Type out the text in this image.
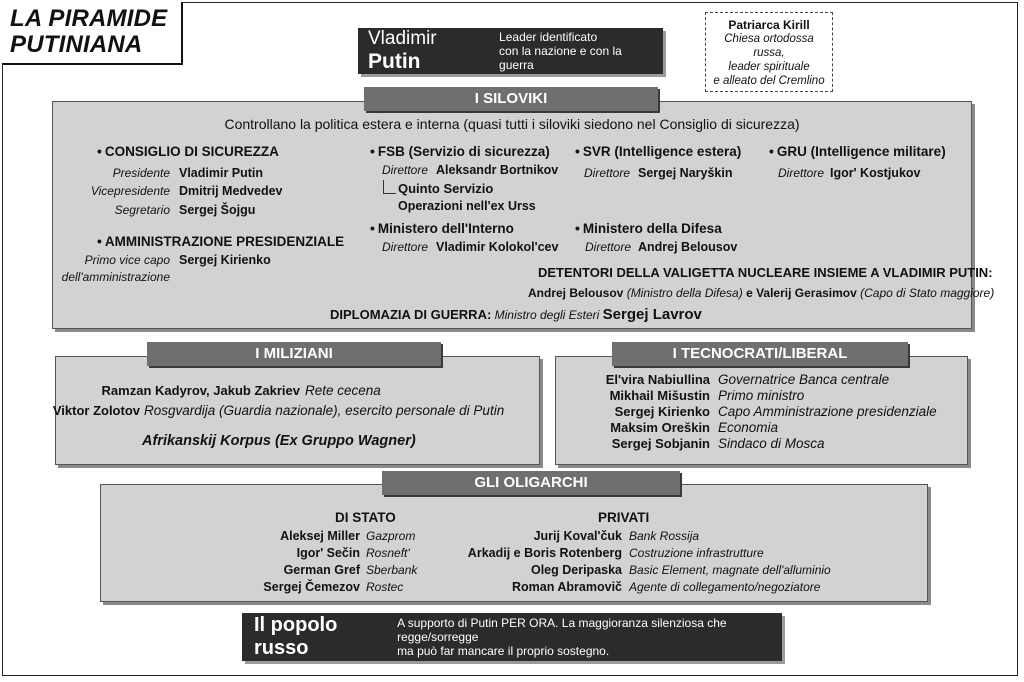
LA PIRAMIDE
PUTINIANA	Vladimir Putin
Leader identificato
con la nazione e con la guerra
Patriarca Kirill
Chiesa ortodossa russa,
leader spirituale
e alleato del Cremlino
I SILOVIKI
Controllano la politica estera e interna (quasi tutti i siloviki siedono nel Consiglio di sicurezza)
• CONSIGLIO DI SICUREZZA
Presidente Vladimir Putin
Vicepresidente Dmitrij Medvedev
Segretario Sergej Šojgu
• AMMINISTRAZIONE PRESIDENZIALE
Primo vice capo
dell'amministrazione
Sergej Kirienko
• FSB (Servizio di sicurezza)
Direttore Aleksandr Bortnikov
Quinto Servizio
Operazioni nell'ex Urss
• SVR (Intelligence estera)
Direttore Sergej Naryškin
• GRU (Intelligence militare)
Direttore Igor' Kostjukov
• Ministero dell'Interno
Direttore Vladimir Kolokol'cev
• Ministero della Difesa
Direttore Andrej Belousov
DETENTORI DELLA VALIGETTA NUCLEARE INSIEME A VLADIMIR PUTIN:
Andrej Belousov (Ministro della Difesa) e Valerij Gerasimov (Capo di Stato maggiore)
DIPLOMAZIA DI GUERRA: Ministro degli Esteri Sergej Lavrov
I MILIZIANI
Ramzan Kadyrov, Jakub Zakriev Rete cecena
Viktor Zolotov Rosgvardija (Guardia nazionale), esercito personale di Putin
Afrikanskij Korpus (Ex Gruppo Wagner)
I TECNOCRATI/LIBERAL
El'vira Nabiullina Governatrice Banca centrale
Mikhail Mišustin Primo ministro
Sergej Kirienko Capo Amministrazione presidenziale
Maksim Oreškin Economia
Sergej Sobjanin Sindaco di Mosca
GLI OLIGARCHI
DI STATO
Aleksej Miller Gazprom
Igor' Sečin Rosneft'
German Gref Sberbank
Sergej Čemezov Rostec
PRIVATI
Jurij Koval'čuk Bank Rossija
Arkadij e Boris Rotenberg Costruzione infrastrutture
Oleg Deripaska Basic Element, magnate dell'alluminio
Roman Abramovič Agente di collegamento/negoziatore
Il popolo russo
A supporto di Putin PER ORA. La maggioranza silenziosa che regge/sorregge
ma può far mancare il proprio sostegno.
